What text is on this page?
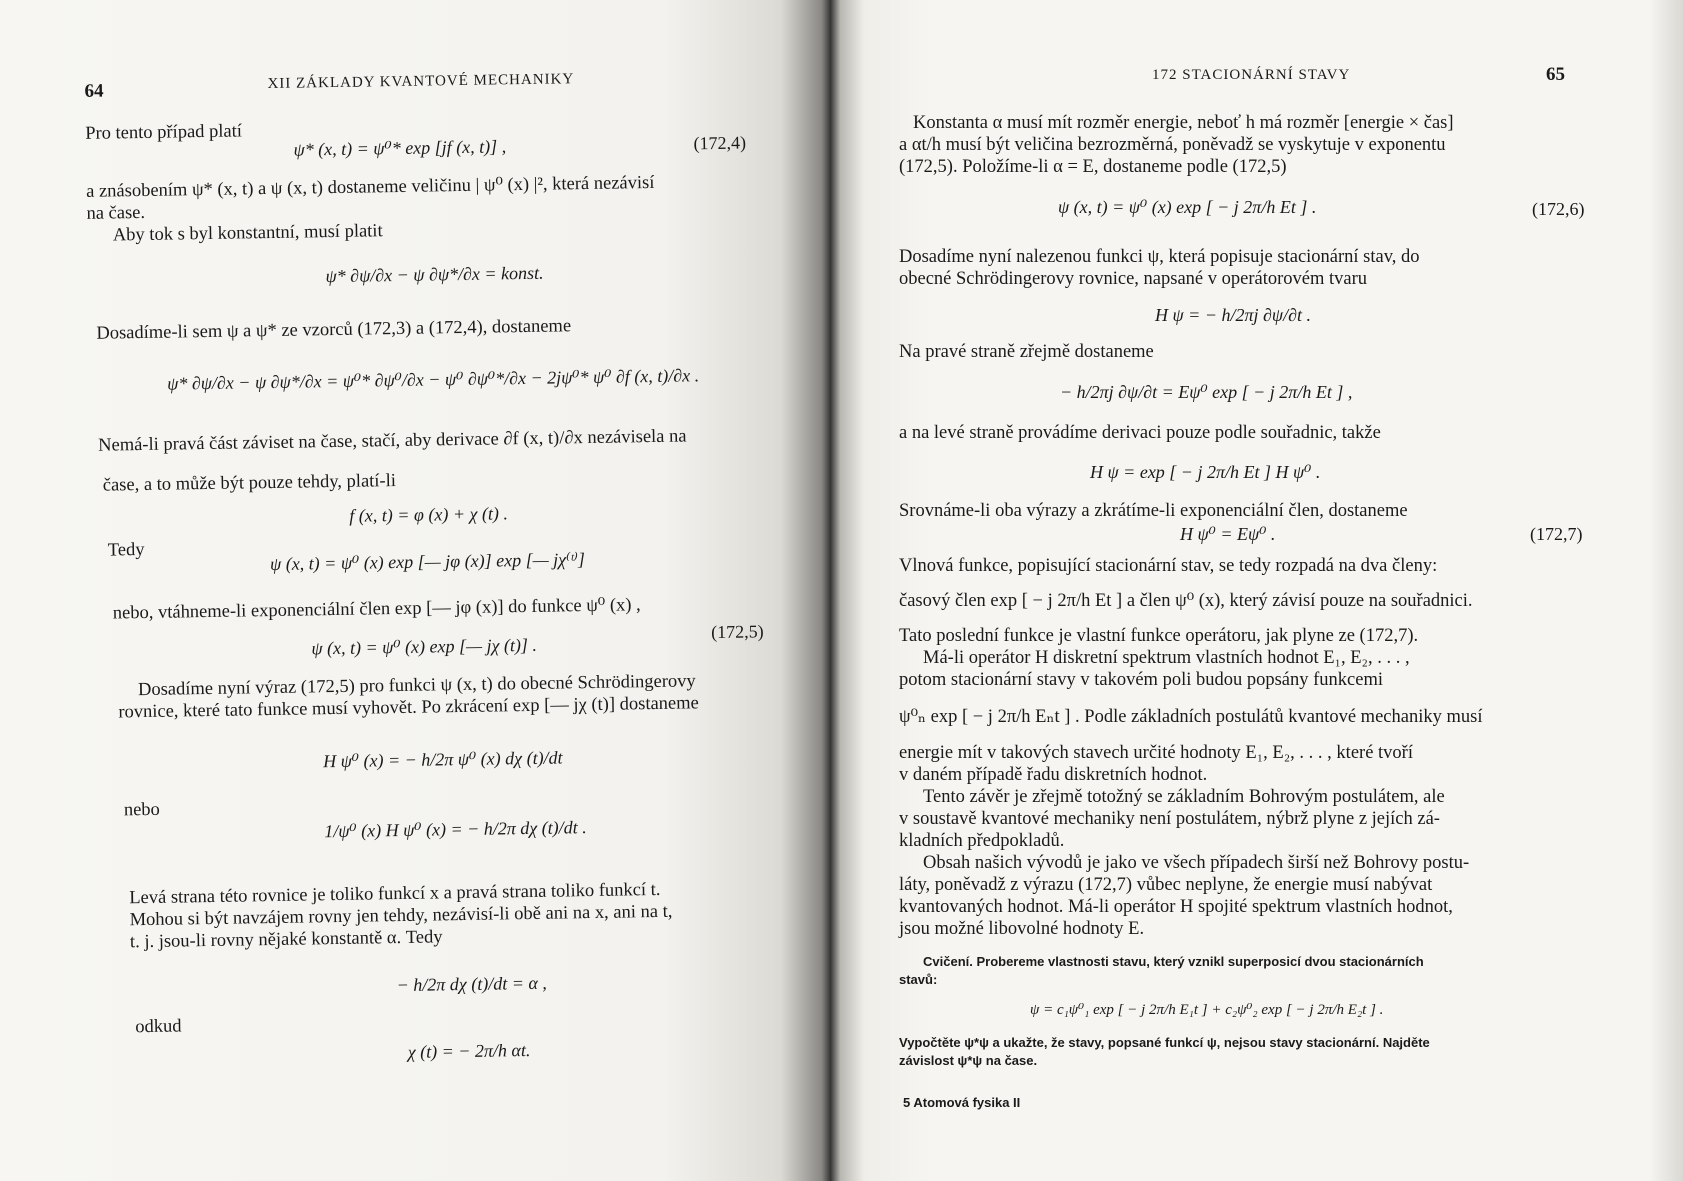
64	XII ZÁKLADY KVANTOVÉ MECHANIKY
Pro tento případ platí
ψ* (x, t) = ψ⁰* exp [jf (x, t)] ,	(172,4)
a znásobením ψ* (x, t) a ψ (x, t) dostaneme veličinu | ψ⁰ (x) |², která nezávisí
na čase.
Aby tok s byl konstantní, musí platit
ψ* ∂ψ/∂x − ψ ∂ψ*/∂x = konst.
Dosadíme-li sem ψ a ψ* ze vzorců (172,3) a (172,4), dostaneme
ψ* ∂ψ/∂x − ψ ∂ψ*/∂x = ψ⁰* ∂ψ⁰/∂x − ψ⁰ ∂ψ⁰*/∂x − 2jψ⁰* ψ⁰ ∂f (x, t)/∂x .
Nemá-li pravá část záviset na čase, stačí, aby derivace ∂f (x, t)/∂x nezávisela na
čase, a to může být pouze tehdy, platí-li
f (x, t) = φ (x) + χ (t) .
Tedy	ψ (x, t) = ψ⁰ (x) exp [— jφ (x)] exp [— jχ⁽ᵗ⁾]
nebo, vtáhneme-li exponenciální člen exp [— jφ (x)] do funkce ψ⁰ (x) ,
ψ (x, t) = ψ⁰ (x) exp [— jχ (t)] .
(172,5)
Dosadíme nyní výraz (172,5) pro funkci ψ (x, t) do obecné Schrödingerovy
rovnice, které tato funkce musí vyhovět. Po zkrácení exp [— jχ (t)] dostaneme
H ψ⁰ (x) = − h/2π ψ⁰ (x) dχ (t)/dt
nebo
1/ψ⁰ (x) H ψ⁰ (x) = − h/2π dχ (t)/dt .
Levá strana této rovnice je toliko funkcí x a pravá strana toliko funkcí t.
Mohou si být navzájem rovny jen tehdy, nezávisí-li obě ani na x, ani na t,
t. j. jsou-li rovny nějaké konstantě α. Tedy
− h/2π dχ (t)/dt = α ,
odkud
χ (t) = − 2π/h αt.
172 STACIONÁRNÍ STAVY	65
Konstanta α musí mít rozměr energie, neboť h má rozměr [energie × čas]
a αt/h musí být veličina bezrozměrná, poněvadž se vyskytuje v exponentu
(172,5). Položíme-li α = E, dostaneme podle (172,5)
ψ (x, t) = ψ⁰ (x) exp [ − j 2π/h Et ] .	(172,6)
Dosadíme nyní nalezenou funkci ψ, která popisuje stacionární stav, do
obecné Schrödingerovy rovnice, napsané v operátorovém tvaru
H ψ = − h/2πj ∂ψ/∂t .
Na pravé straně zřejmě dostaneme
− h/2πj ∂ψ/∂t = Eψ⁰ exp [ − j 2π/h Et ] ,
a na levé straně provádíme derivaci pouze podle souřadnic, takže
H ψ = exp [ − j 2π/h Et ] H ψ⁰ .
Srovnáme-li oba výrazy a zkrátíme-li exponenciální člen, dostaneme
H ψ⁰ = Eψ⁰ .	(172,7)
Vlnová funkce, popisující stacionární stav, se tedy rozpadá na dva členy:
časový člen exp [ − j 2π/h Et ] a člen ψ⁰ (x), který závisí pouze na souřadnici.
Tato poslední funkce je vlastní funkce operátoru, jak plyne ze (172,7).
Má-li operátor H diskretní spektrum vlastních hodnot E₁, E₂, . . . ,
potom stacionární stavy v takovém poli budou popsány funkcemi
ψ⁰ₙ exp [ − j 2π/h Eₙt ] . Podle základních postulátů kvantové mechaniky musí
energie mít v takových stavech určité hodnoty E₁, E₂, . . . , které tvoří
v daném případě řadu diskretních hodnot.
Tento závěr je zřejmě totožný se základním Bohrovým postulátem, ale
v soustavě kvantové mechaniky není postulátem, nýbrž plyne z jejích zá-
kladních předpokladů.
Obsah našich vývodů je jako ve všech případech širší než Bohrovy postu-
láty, poněvadž z výrazu (172,7) vůbec neplyne, že energie musí nabývat
kvantovaných hodnot. Má-li operátor H spojité spektrum vlastních hodnot,
jsou možné libovolné hodnoty E.
Cvičení. Probereme vlastnosti stavu, který vznikl superposicí dvou stacionárních
stavů:
ψ = c₁ψ⁰₁ exp [ − j 2π/h E₁t ] + c₂ψ⁰₂ exp [ − j 2π/h E₂t ] .
Vypočtěte ψ*ψ a ukažte, že stavy, popsané funkcí ψ, nejsou stavy stacionární. Najděte
závislost ψ*ψ na čase.
5 Atomová fysika II
